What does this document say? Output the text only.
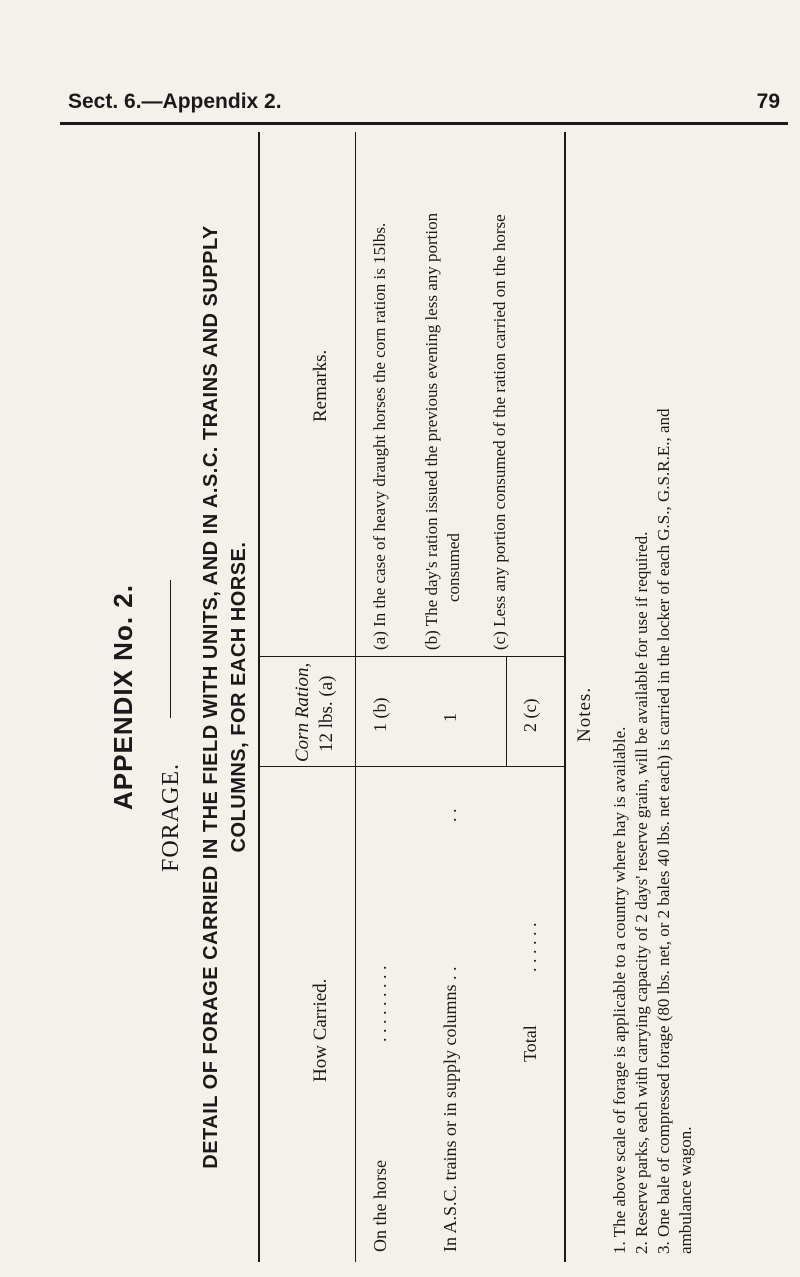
Sect. 6.—Appendix 2.	79
APPENDIX No. 2.
FORAGE. DETAIL OF FORAGE CARRIED IN THE FIELD WITH UNITS, AND IN A.S.C. TRAINS AND SUPPLY COLUMNS, FOR EACH HORSE.
How Carried.
Corn Ration, 12 lbs. (a)
Remarks.
On the horse
. . . . . . . . .
1 (b)
In A.S.C. trains or in supply columns . .
. .
1
Total
. . . . . .
2 (c)
(a) In the case of heavy draught horses the corn ration is 15lbs. (b) The day's ration issued the previous evening less any portion consumed (c) Less any portion consumed of the ration carried on the horse
Notes.
1. The above scale of forage is applicable to a country where hay is available. 2. Reserve parks, each with carrying capacity of 2 days' reserve grain, will be available for use if required. 3. One bale of compressed forage (80 lbs. net, or 2 bales 40 lbs. net each) is carried in the locker of each G.S., G.S.R.E., and ambulance wagon.
